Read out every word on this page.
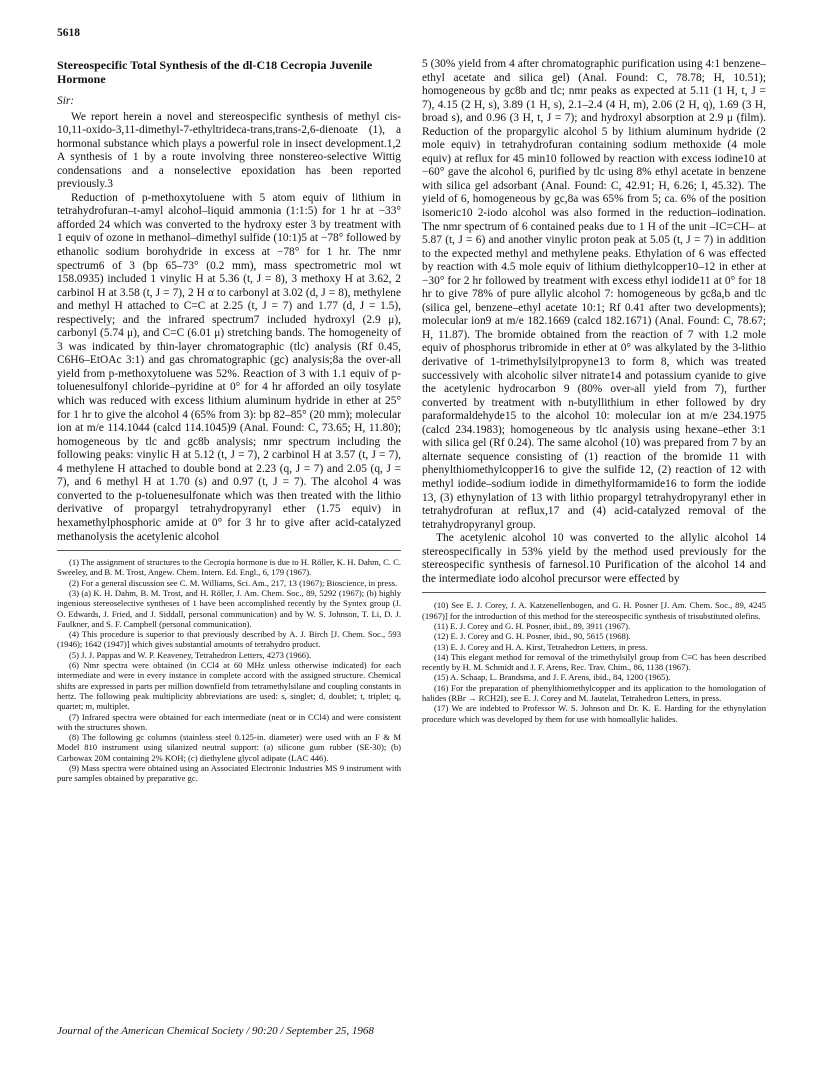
5618
Stereospecific Total Synthesis of the dl-C18 Cecropia Juvenile Hormone
Sir:

We report herein a novel and stereospecific synthesis of methyl cis-10,11-oxido-3,11-dimethyl-7-ethyltrideca-trans,trans-2,6-dienoate (1), a hormonal substance which plays a powerful role in insect development.1,2 A synthesis of 1 by a route involving three nonstereo-selective Wittig condensations and a nonselective epoxidation has been reported previously.3

Reduction of p-methoxytoluene with 5 atom equiv of lithium in tetrahydrofuran–t-amyl alcohol–liquid ammonia (1:1:5) for 1 hr at −33° afforded 24 which was converted to the hydroxy ester 3 by treatment with 1 equiv of ozone in methanol–dimethyl sulfide (10:1)5 at −78° followed by ethanolic sodium borohydride in excess at −78° for 1 hr. The nmr spectrum6 of 3 (bp 65–73° (0.2 mm), mass spectrometric mol wt 158.0935) included 1 vinylic H at 5.36 (t, J = 8), 3 methoxy H at 3.62, 2 carbinol H at 3.58 (t, J = 7), 2 H α to carbonyl at 3.02 (d, J = 8), methylene and methyl H attached to C=C at 2.25 (t, J = 7) and 1.77 (d, J = 1.5), respectively; and the infrared spectrum7 included hydroxyl (2.9 μ), carbonyl (5.74 μ), and C=C (6.01 μ) stretching bands. The homogeneity of 3 was indicated by thin-layer chromatographic (tlc) analysis (Rf 0.45, C6H6–EtOAc 3:1) and gas chromatographic (gc) analysis;8a the over-all yield from p-methoxytoluene was 52%. Reaction of 3 with 1.1 equiv of p-toluenesulfonyl chloride–pyridine at 0° for 4 hr afforded an oily tosylate which was reduced with excess lithium aluminum hydride in ether at 25° for 1 hr to give the alcohol 4 (65% from 3): bp 82–85° (20 mm); molecular ion at m/e 114.1044 (calcd 114.1045)9 (Anal. Found: C, 73.65; H, 11.80); homogeneous by tlc and gc8b analysis; nmr spectrum including the following peaks: vinylic H at 5.12 (t, J = 7), 2 carbinol H at 3.57 (t, J = 7), 4 methylene H attached to double bond at 2.23 (q, J = 7) and 2.05 (q, J = 7), and 6 methyl H at 1.70 (s) and 0.97 (t, J = 7). The alcohol 4 was converted to the p-toluenesulfonate which was then treated with the lithio derivative of propargyl tetrahydropyranyl ether (1.75 equiv) in hexamethylphosphoric amide at 0° for 3 hr to give after acid-catalyzed methanolysis the acetylenic alcohol

(1) The assignment of structures to the Cecropia hormone is due to H. Röller, K. H. Dahm, C. C. Sweeley, and B. M. Trost, Angew. Chem. Intern. Ed. Engl., 6, 179 (1967).

(2) For a general discussion see C. M. Williams, Sci. Am., 217, 13 (1967); Bioscience, in press.

(3) (a) K. H. Dahm, B. M. Trost, and H. Röller, J. Am. Chem. Soc., 89, 5292 (1967); (b) highly ingenious stereoselective syntheses of 1 have been accomplished recently by the Syntex group (J. O. Edwards, J. Fried, and J. Siddall, personal communication) and by W. S. Johnson, T. Li, D. J. Faulkner, and S. F. Campbell (personal communication).

(4) This procedure is superior to that previously described by A. J. Birch [J. Chem. Soc., 593 (1946); 1642 (1947)] which gives substantial amounts of tetrahydro product.

(5) J. J. Pappas and W. P. Keaveney, Tetrahedron Letters, 4273 (1966).

(6) Nmr spectra were obtained (in CCl4 at 60 MHz unless otherwise indicated) for each intermediate and were in every instance in complete accord with the assigned structure. Chemical shifts are expressed in parts per million downfield from tetramethylsilane and coupling constants in hertz. The following peak multiplicity abbreviations are used: s, singlet; d, doublet; t, triplet; q, quartet; m, multiplet.

(7) Infrared spectra were obtained for each intermediate (neat or in CCl4) and were consistent with the structures shown.

(8) The following gc columns (stainless steel 0.125-in. diameter) were used with an F & M Model 810 instrument using silanized neutral support: (a) silicone gum rubber (SE-30); (b) Carbowax 20M containing 2% KOH; (c) diethylene glycol adipate (LAC 446).

(9) Mass spectra were obtained using an Associated Electronic Industries MS 9 instrument with pure samples obtained by preparative gc.

5 (30% yield from 4 after chromatographic purification using 4:1 benzene–ethyl acetate and silica gel) (Anal. Found: C, 78.78; H, 10.51); homogeneous by gc8b and tlc; nmr peaks as expected at 5.11 (1 H, t, J = 7), 4.15 (2 H, s), 3.89 (1 H, s), 2.1–2.4 (4 H, m), 2.06 (2 H, q), 1.69 (3 H, broad s), and 0.96 (3 H, t, J = 7); and hydroxyl absorption at 2.9 μ (film). Reduction of the propargylic alcohol 5 by lithium aluminum hydride (2 mole equiv) in tetrahydrofuran containing sodium methoxide (4 mole equiv) at reflux for 45 min10 followed by reaction with excess iodine10 at −60° gave the alcohol 6, purified by tlc using 8% ethyl acetate in benzene with silica gel adsorbant (Anal. Found: C, 42.91; H, 6.26; I, 45.32). The yield of 6, homogeneous by gc,8a was 65% from 5; ca. 6% of the position isomeric10 2-iodo alcohol was also formed in the reduction–iodination. The nmr spectrum of 6 contained peaks due to 1 H of the unit –IC=CH– at 5.87 (t, J = 6) and another vinylic proton peak at 5.05 (t, J = 7) in addition to the expected methyl and methylene peaks. Ethylation of 6 was effected by reaction with 4.5 mole equiv of lithium diethylcopper10–12 in ether at −30° for 2 hr followed by treatment with excess ethyl iodide11 at 0° for 18 hr to give 78% of pure allylic alcohol 7: homogeneous by gc8a,b and tlc (silica gel, benzene–ethyl acetate 10:1; Rf 0.41 after two developments); molecular ion9 at m/e 182.1669 (calcd 182.1671) (Anal. Found: C, 78.67; H, 11.87). The bromide obtained from the reaction of 7 with 1.2 mole equiv of phosphorus tribromide in ether at 0° was alkylated by the 3-lithio derivative of 1-trimethylsilylpropyne13 to form 8, which was treated successively with alcoholic silver nitrate14 and potassium cyanide to give the acetylenic hydrocarbon 9 (80% over-all yield from 7), further converted by treatment with n-butyllithium in ether followed by dry paraformaldehyde15 to the alcohol 10: molecular ion at m/e 234.1975 (calcd 234.1983); homogeneous by tlc analysis using hexane–ether 3:1 with silica gel (Rf 0.24). The same alcohol (10) was prepared from 7 by an alternate sequence consisting of (1) reaction of the bromide 11 with phenylthiomethylcopper16 to give the sulfide 12, (2) reaction of 12 with methyl iodide–sodium iodide in dimethylformamide16 to form the iodide 13, (3) ethynylation of 13 with lithio propargyl tetrahydropyranyl ether in tetrahydrofuran at reflux,17 and (4) acid-catalyzed removal of the tetrahydropyranyl group.

The acetylenic alcohol 10 was converted to the allylic alcohol 14 stereospecifically in 53% yield by the method used previously for the stereospecific synthesis of farnesol.10 Purification of the alcohol 14 and the intermediate iodo alcohol precursor were effected by

(10) See E. J. Corey, J. A. Katzenellenbogen, and G. H. Posner [J. Am. Chem. Soc., 89, 4245 (1967)] for the introduction of this method for the stereospecific synthesis of trisubstituted olefins.

(11) E. J. Corey and G. H. Posner, ibid., 89, 3911 (1967).

(12) E. J. Corey and G. H. Posner, ibid., 90, 5615 (1968).

(13) E. J. Corey and H. A. Kirst, Tetrahedron Letters, in press.

(14) This elegant method for removal of the trimethylsilyl group from C≡C has been described recently by H. M. Schmidt and J. F. Arens, Rec. Trav. Chim., 86, 1138 (1967).

(15) A. Schaap, L. Brandsma, and J. F. Arens, ibid., 84, 1200 (1965).

(16) For the preparation of phenylthiomethylcopper and its application to the homologation of halides (RBr → RCH2I), see E. J. Corey and M. Jautelat, Tetrahedron Letters, in press.

(17) We are indebted to Professor W. S. Johnson and Dr. K. E. Harding for the ethynylation procedure which was developed by them for use with homoallylic halides.

Journal of the American Chemical Society / 90:20 / September 25, 1968
